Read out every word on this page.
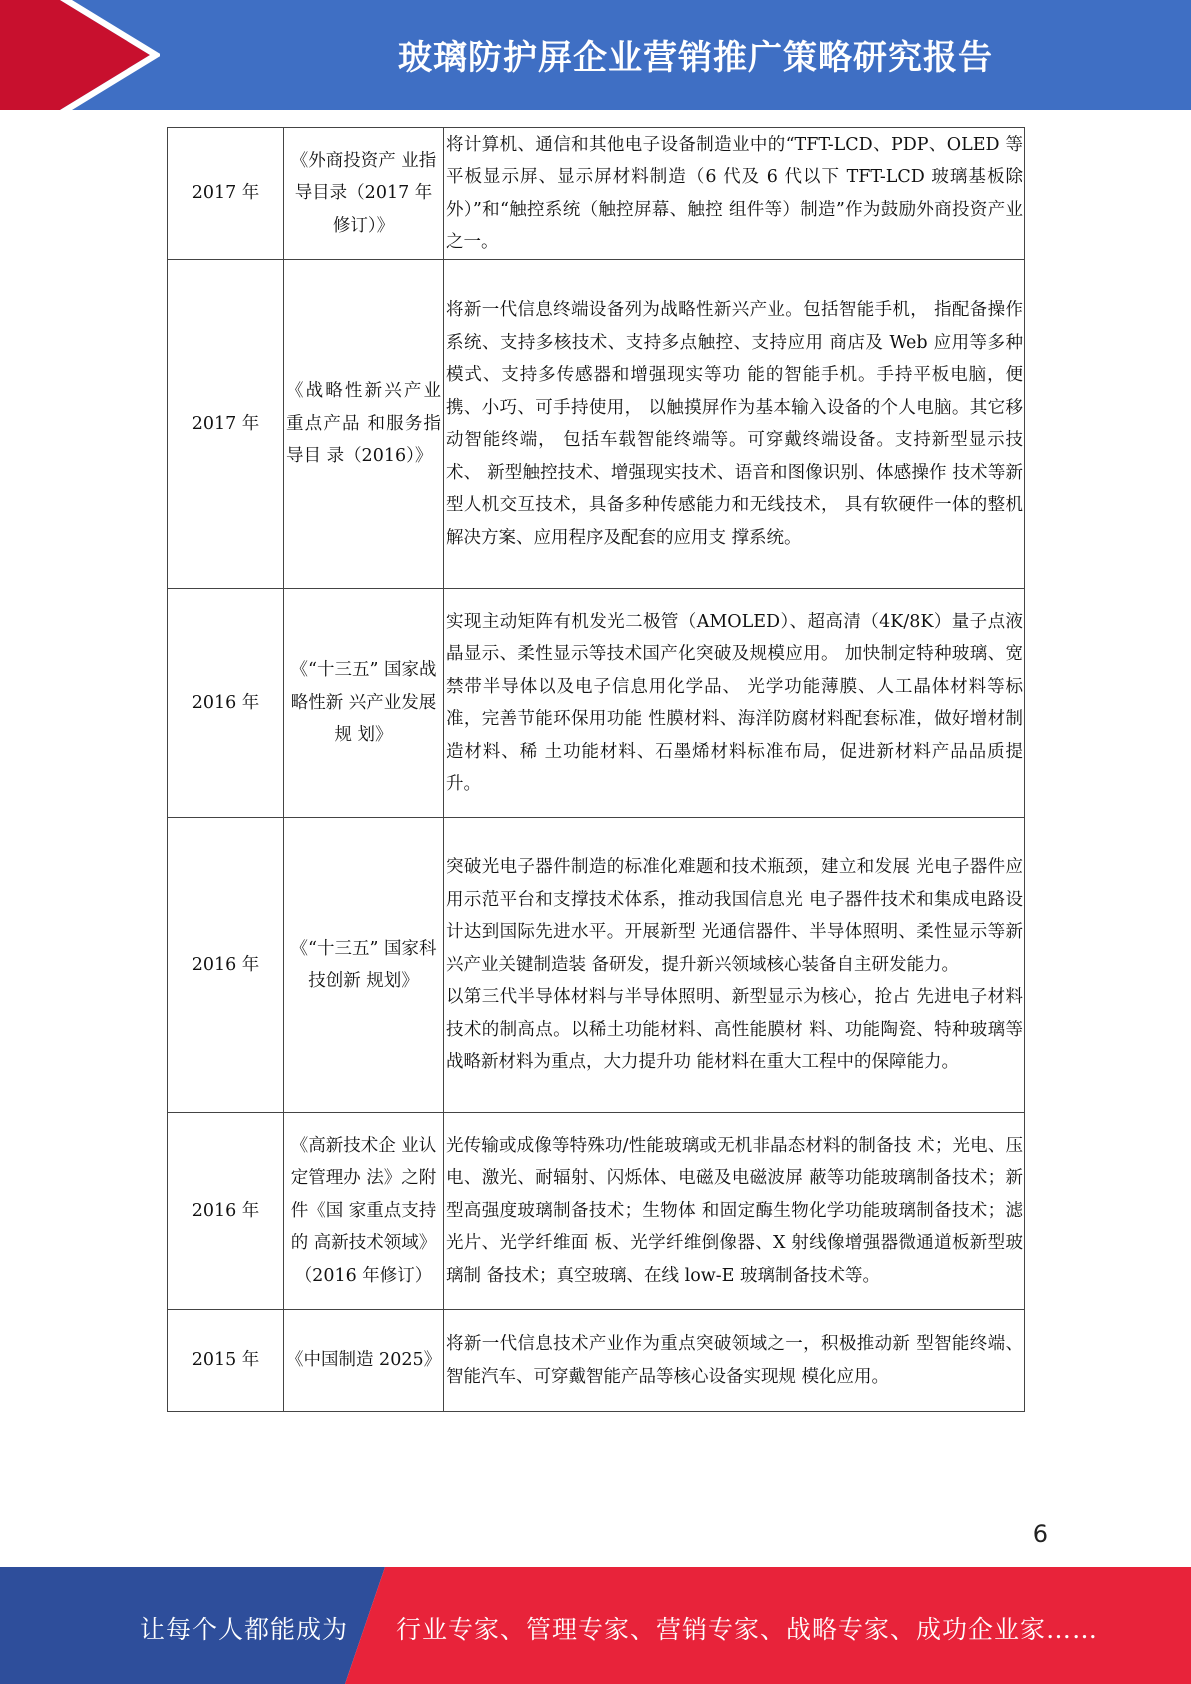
玻璃防护屏企业营销推广策略研究报告
2017 年	《外商投资产 业指导目录（2017 年修订）》	将计算机、通信和其他电子设备制造业中的“TFT-LCD、PDP、OLED 等平板显示屏、显示屏材料制造（6 代及 6 代以下 TFT-LCD 玻璃基板除外）”和“触控系统（触控屏幕、触控 组件等）制造”作为鼓励外商投资产业之一。

2017 年	《战略性新兴产业重点产品 和服务指导目 录（2016）》	将新一代信息终端设备列为战略性新兴产业。包括智能手机， 指配备操作系统、支持多核技术、支持多点触控、支持应用 商店及 Web 应用等多种模式、支持多传感器和增强现实等功 能的智能手机。手持平板电脑，便携、小巧、可手持使用， 以触摸屏作为基本输入设备的个人电脑。其它移动智能终端， 包括车载智能终端等。可穿戴终端设备。支持新型显示技术、 新型触控技术、增强现实技术、语音和图像识别、体感操作 技术等新型人机交互技术，具备多种传感能力和无线技术， 具有软硬件一体的整机解决方案、应用程序及配套的应用支 撑系统。

2016 年	《“十三五” 国家战略性新 兴产业发展规 划》	实现主动矩阵有机发光二极管（AMOLED）、超高清（4K/8K）量子点液晶显示、柔性显示等技术国产化突破及规模应用。 加快制定特种玻璃、宽禁带半导体以及电子信息用化学品、 光学功能薄膜、人工晶体材料等标准，完善节能环保用功能 性膜材料、海洋防腐材料配套标准，做好增材制造材料、稀 土功能材料、石墨烯材料标准布局，促进新材料产品品质提 升。

2016 年	《“十三五” 国家科技创新 规划》	突破光电子器件制造的标准化难题和技术瓶颈，建立和发展 光电子器件应用示范平台和支撑技术体系，推动我国信息光 电子器件技术和集成电路设计达到国际先进水平。开展新型 光通信器件、半导体照明、柔性显示等新兴产业关键制造装 备研发，提升新兴领域核心装备自主研发能力。
以第三代半导体材料与半导体照明、新型显示为核心，抢占 先进电子材料技术的制高点。以稀土功能材料、高性能膜材 料、功能陶瓷、特种玻璃等战略新材料为重点，大力提升功 能材料在重大工程中的保障能力。

2016 年	《高新技术企 业认定管理办 法》之附件《国 家重点支持的 高新技术领域》（2016 年修订）	光传输或成像等特殊功/性能玻璃或无机非晶态材料的制备技 术；光电、压电、激光、耐辐射、闪烁体、电磁及电磁波屏 蔽等功能玻璃制备技术；新型高强度玻璃制备技术；生物体 和固定酶生物化学功能玻璃制备技术；滤光片、光学纤维面 板、光学纤维倒像器、X 射线像增强器微通道板新型玻璃制 备技术；真空玻璃、在线 low-E 玻璃制备技术等。

2015 年	《中国制造 2025》	将新一代信息技术产业作为重点突破领域之一，积极推动新 型智能终端、智能汽车、可穿戴智能产品等核心设备实现规 模化应用。
6
让每个人都能成为 行业专家、管理专家、营销专家、战略专家、成功企业家……
